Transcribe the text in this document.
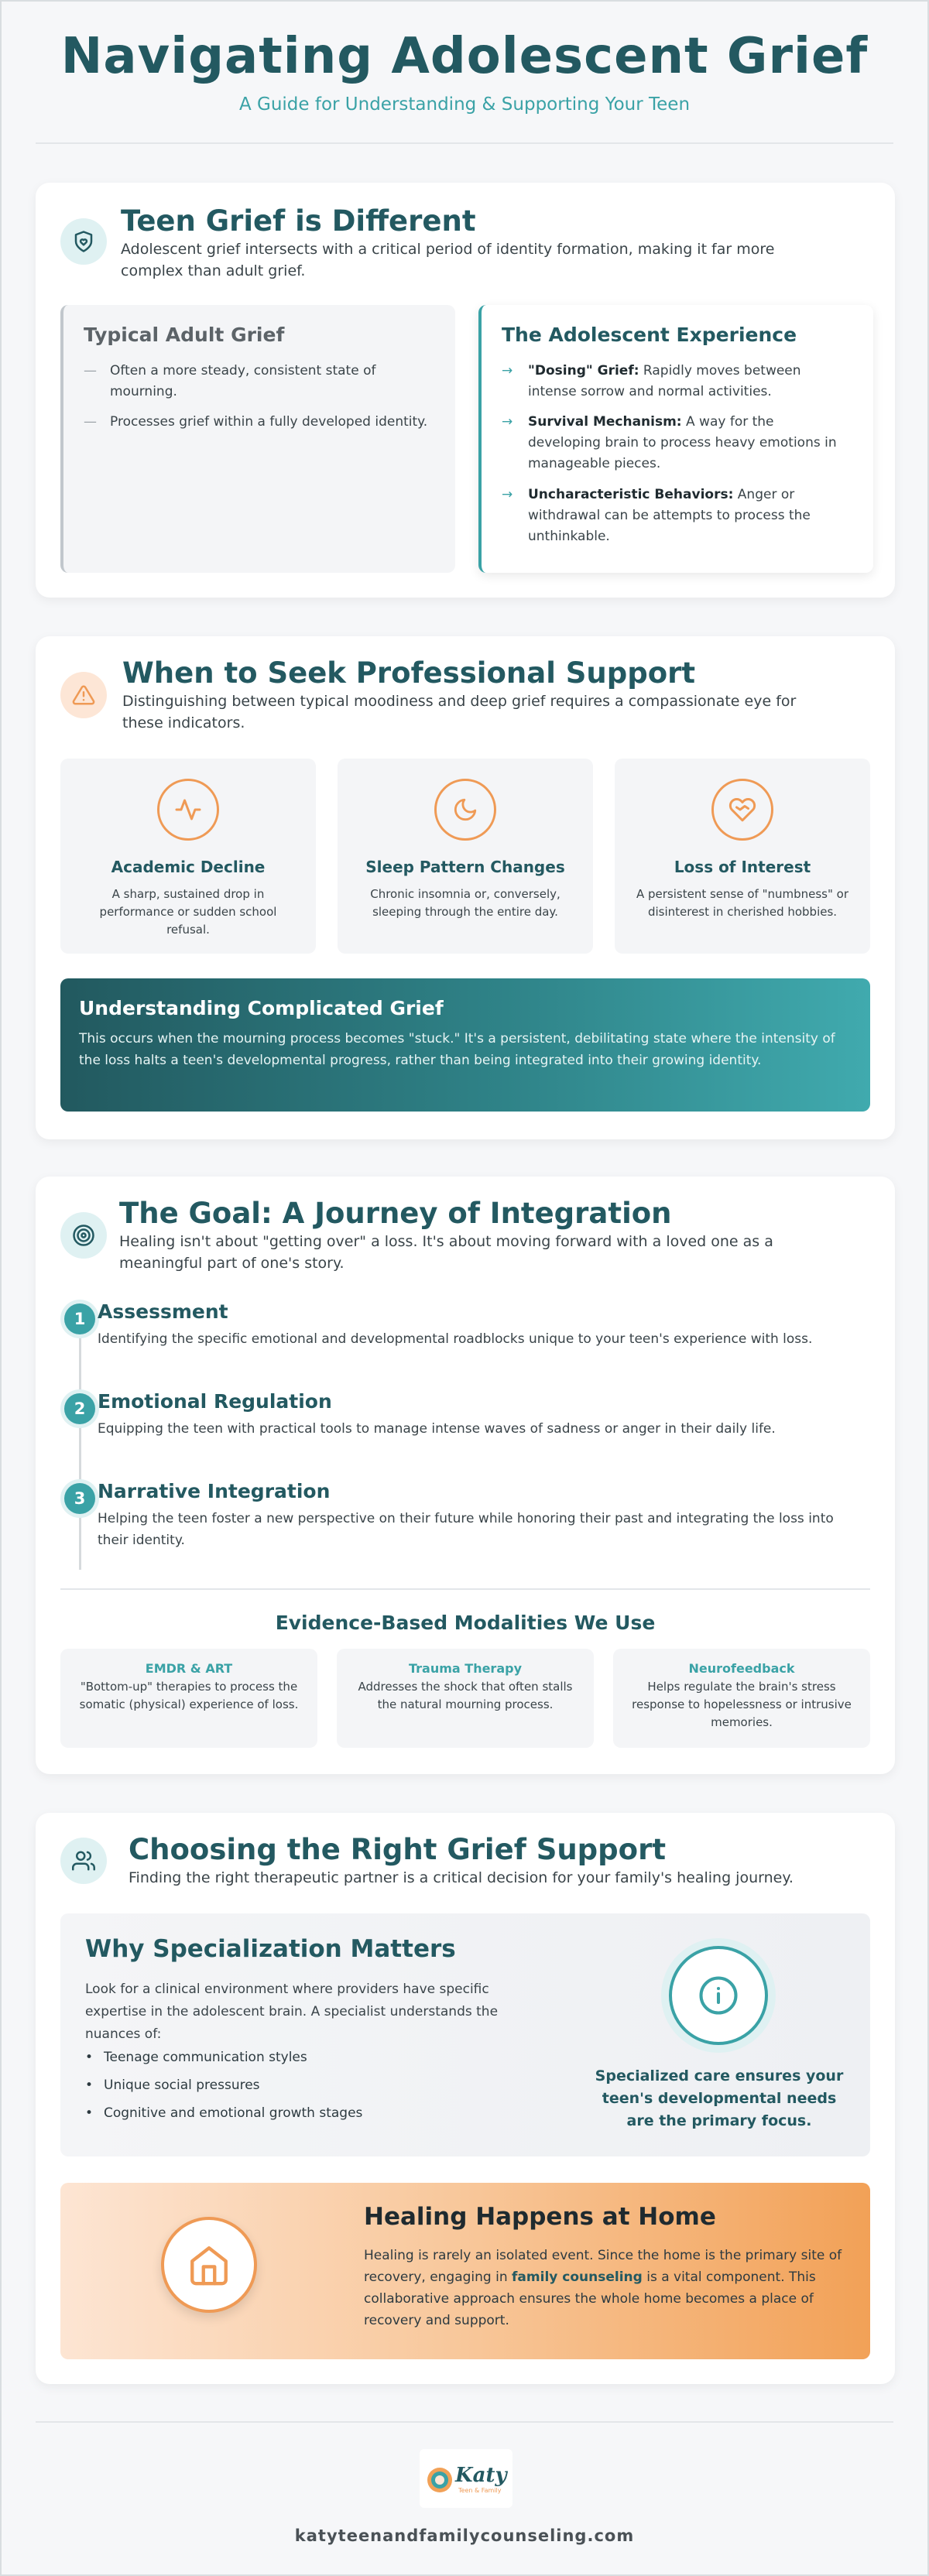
Navigating Adolescent Grief
A Guide for Understanding & Supporting Your Teen
Teen Grief is Different
Adolescent grief intersects with a critical period of identity formation, making it far more complex than adult grief.
Typical Adult Grief
—	Often a more steady, consistent state of mourning.
—	Processes grief within a fully developed identity.
The Adolescent Experience
→	"Dosing" Grief: Rapidly moves between intense sorrow and normal activities.
→	Survival Mechanism: A way for the developing brain to process heavy emotions in manageable pieces.
→	Uncharacteristic Behaviors: Anger or withdrawal can be attempts to process the unthinkable.
When to Seek Professional Support
Distinguishing between typical moodiness and deep grief requires a compassionate eye for these indicators.
Academic Decline
A sharp, sustained drop in performance or sudden school refusal.
Sleep Pattern Changes
Chronic insomnia or, conversely, sleeping through the entire day.
Loss of Interest
A persistent sense of "numbness" or disinterest in cherished hobbies.
Understanding Complicated Grief
This occurs when the mourning process becomes "stuck." It's a persistent, debilitating state where the intensity of the loss halts a teen's developmental progress, rather than being integrated into their growing identity.
The Goal: A Journey of Integration
Healing isn't about "getting over" a loss. It's about moving forward with a loved one as a meaningful part of one's story.
1 Assessment
Identifying the specific emotional and developmental roadblocks unique to your teen's experience with loss.
2 Emotional Regulation
Equipping the teen with practical tools to manage intense waves of sadness or anger in their daily life.
3 Narrative Integration
Helping the teen foster a new perspective on their future while honoring their past and integrating the loss into their identity.
Evidence-Based Modalities We Use
EMDR & ART
"Bottom-up" therapies to process the somatic (physical) experience of loss.
Trauma Therapy
Addresses the shock that often stalls the natural mourning process.
Neurofeedback
Helps regulate the brain's stress response to hopelessness or intrusive memories.
Choosing the Right Grief Support
Finding the right therapeutic partner is a critical decision for your family's healing journey.
Why Specialization Matters
Look for a clinical environment where providers have specific expertise in the adolescent brain. A specialist understands the nuances of:
• Teenage communication styles
• Unique social pressures
• Cognitive and emotional growth stages
Specialized care ensures your teen's developmental needs are the primary focus.
Healing Happens at Home
Healing is rarely an isolated event. Since the home is the primary site of recovery, engaging in family counseling is a vital component. This collaborative approach ensures the whole home becomes a place of recovery and support.
Katy
Teen & Family
katyteenandfamilycounseling.com
